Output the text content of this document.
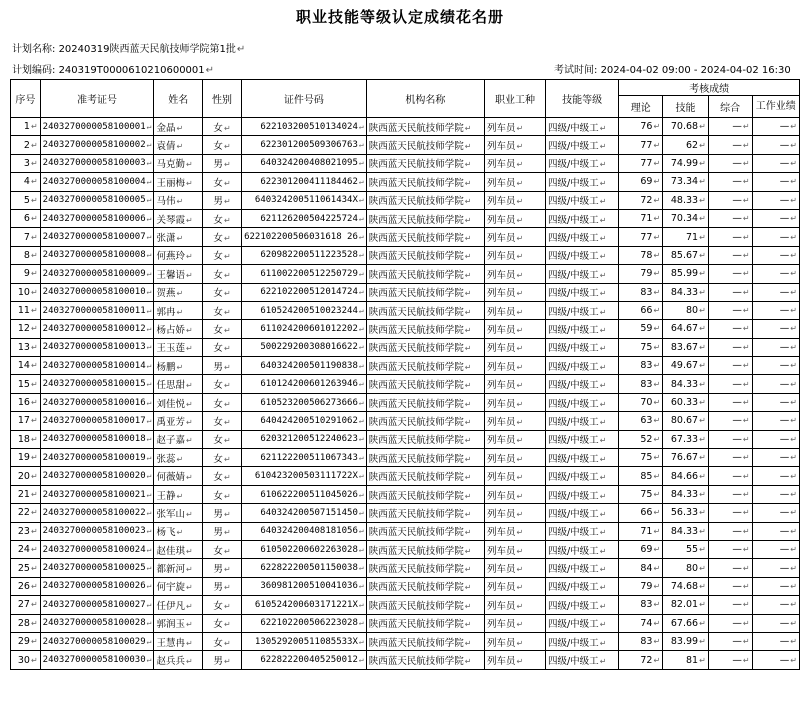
职业技能等级认定成绩花名册
计划名称: 20240319陕西蓝天民航技师学院第1批↵
计划编码: 240319T0000610210600001↵	考试时间: 2024-04-02 09:00 - 2024-04-02 16:30
序号	准考证号	姓名	性别	证件号码	机构名称	职业工种	技能等级	考核成绩			
								理论	技能	综合	工作业绩
1 ↵	240327000005810000​1 ↵	金晶 ↵	女 ↵	622103200510134024 ↵	陕西蓝天民航技师学院 ↵	列车员 ↵	四级/中级工 ↵	76 ↵	70.68 ↵	— ↵	— ↵
2 ↵	2403270000058100002 ↵	袁倩 ↵	女 ↵	622301200509306763 ↵	陕西蓝天民航技师学院 ↵	列车员 ↵	四级/中级工 ↵	77 ↵	62 ↵	— ↵	— ↵
3 ↵	2403270000058100003 ↵	马克勤 ↵	男 ↵	640324200408021095 ↵	陕西蓝天民航技师学院 ↵	列车员 ↵	四级/中级工 ↵	77 ↵	74.99 ↵	— ↵	— ↵
4 ↵	2403270000058100004 ↵	王丽梅 ↵	女 ↵	622301200411184462 ↵	陕西蓝天民航技师学院 ↵	列车员 ↵	四级/中级工 ↵	69 ↵	73.34 ↵	— ↵	— ↵
5 ↵	2403270000058100005 ↵	马伟 ↵	男 ↵	640324200511061434X ↵	陕西蓝天民航技师学院 ↵	列车员 ↵	四级/中级工 ↵	72 ↵	48.33 ↵	— ↵	— ↵
6 ↵	2403270000058100006 ↵	关琴霞 ↵	女 ↵	621126200504225724 ↵	陕西蓝天民航技师学院 ↵	列车员 ↵	四级/中级工 ↵	71 ↵	70.34 ↵	— ↵	— ↵
7 ↵	2403270000058100007 ↵	张潇 ↵	女 ↵	622102200506031618 26 ↵	陕西蓝天民航技师学院 ↵	列车员 ↵	四级/中级工 ↵	77 ↵	71 ↵	— ↵	— ↵
8 ↵	2403270000058100008 ↵	何燕玲 ↵	女 ↵	620982200511223528 ↵	陕西蓝天民航技师学院 ↵	列车员 ↵	四级/中级工 ↵	78 ↵	85.67 ↵	— ↵	— ↵
9 ↵	2403270000058100009 ↵	王馨语 ↵	女 ↵	611002200512250729 ↵	陕西蓝天民航技师学院 ↵	列车员 ↵	四级/中级工 ↵	79 ↵	85.99 ↵	— ↵	— ↵
10 ↵	2403270000058100010 ↵	贺燕 ↵	女 ↵	622102200512014724 ↵	陕西蓝天民航技师学院 ↵	列车员 ↵	四级/中级工 ↵	83 ↵	84.33 ↵	— ↵	— ↵
11 ↵	2403270000058100011 ↵	郭冉 ↵	女 ↵	610524200510023244 ↵	陕西蓝天民航技师学院 ↵	列车员 ↵	四级/中级工 ↵	66 ↵	80 ↵	— ↵	— ↵
12 ↵	2403270000058100012 ↵	杨占娇 ↵	女 ↵	611024200601012202 ↵	陕西蓝天民航技师学院 ↵	列车员 ↵	四级/中级工 ↵	59 ↵	64.67 ↵	— ↵	— ↵
13 ↵	2403270000058100013 ↵	王玉莲 ↵	女 ↵	500229200308016622 ↵	陕西蓝天民航技师学院 ↵	列车员 ↵	四级/中级工 ↵	75 ↵	83.67 ↵	— ↵	— ↵
14 ↵	2403270000058100014 ↵	杨鹏 ↵	男 ↵	640324200501190838 ↵	陕西蓝天民航技师学院 ↵	列车员 ↵	四级/中级工 ↵	83 ↵	49.67 ↵	— ↵	— ↵
15 ↵	2403270000058100015 ↵	任思甜 ↵	女 ↵	610124200601263946 ↵	陕西蓝天民航技师学院 ↵	列车员 ↵	四级/中级工 ↵	83 ↵	84.33 ↵	— ↵	— ↵
16 ↵	2403270000058100016 ↵	刘佳悦 ↵	女 ↵	610523200506273666 ↵	陕西蓝天民航技师学院 ↵	列车员 ↵	四级/中级工 ↵	70 ↵	60.33 ↵	— ↵	— ↵
17 ↵	2403270000058100017 ↵	禹亚芳 ↵	女 ↵	640424200510291062 ↵	陕西蓝天民航技师学院 ↵	列车员 ↵	四级/中级工 ↵	63 ↵	80.67 ↵	— ↵	— ↵
18 ↵	2403270000058100018 ↵	赵子嘉 ↵	女 ↵	620321200512240623 ↵	陕西蓝天民航技师学院 ↵	列车员 ↵	四级/中级工 ↵	52 ↵	67.33 ↵	— ↵	— ↵
19 ↵	2403270000058100019 ↵	张蕊 ↵	女 ↵	621122200511067343 ↵	陕西蓝天民航技师学院 ↵	列车员 ↵	四级/中级工 ↵	75 ↵	76.67 ↵	— ↵	— ↵
20 ↵	2403270000058100020 ↵	何薇婧 ↵	女 ↵	610423200503111722X ↵	陕西蓝天民航技师学院 ↵	列车员 ↵	四级/中级工 ↵	85 ↵	84.66 ↵	— ↵	— ↵
21 ↵	2403270000058100021 ↵	王静 ↵	女 ↵	610622200511045026 ↵	陕西蓝天民航技师学院 ↵	列车员 ↵	四级/中级工 ↵	75 ↵	84.33 ↵	— ↵	— ↵
22 ↵	2403270000058100022 ↵	张军山 ↵	男 ↵	640324200507151450 ↵	陕西蓝天民航技师学院 ↵	列车员 ↵	四级/中级工 ↵	66 ↵	56.33 ↵	— ↵	— ↵
23 ↵	2403270000058100023 ↵	杨飞 ↵	男 ↵	640324200408181056 ↵	陕西蓝天民航技师学院 ↵	列车员 ↵	四级/中级工 ↵	71 ↵	84.33 ↵	— ↵	— ↵
24 ↵	2403270000058100024 ↵	赵佳琪 ↵	女 ↵	610502200602263028 ↵	陕西蓝天民航技师学院 ↵	列车员 ↵	四级/中级工 ↵	69 ↵	55 ↵	— ↵	— ↵
25 ↵	2403270000058100025 ↵	都新河 ↵	男 ↵	622822200501150038 ↵	陕西蓝天民航技师学院 ↵	列车员 ↵	四级/中级工 ↵	84 ↵	80 ↵	— ↵	— ↵
26 ↵	2403270000058100026 ↵	何宇旋 ↵	男 ↵	360981200510041036 ↵	陕西蓝天民航技师学院 ↵	列车员 ↵	四级/中级工 ↵	79 ↵	74.68 ↵	— ↵	— ↵
27 ↵	2403270000058100027 ↵	任伊凡 ↵	女 ↵	610524200603171221X ↵	陕西蓝天民航技师学院 ↵	列车员 ↵	四级/中级工 ↵	83 ↵	82.01 ↵	— ↵	— ↵
28 ↵	2403270000058100028 ↵	郭润玉 ↵	女 ↵	622102200506223028 ↵	陕西蓝天民航技师学院 ↵	列车员 ↵	四级/中级工 ↵	74 ↵	67.66 ↵	— ↵	— ↵
29 ↵	2403270000058100029 ↵	王慧冉 ↵	女 ↵	130529200511085533X ↵	陕西蓝天民航技师学院 ↵	列车员 ↵	四级/中级工 ↵	83 ↵	83.99 ↵	— ↵	— ↵
30 ↵	2403270000058100030 ↵	赵兵兵 ↵	男 ↵	622822200405250012 ↵	陕西蓝天民航技师学院 ↵	列车员 ↵	四级/中级工 ↵	72 ↵	81 ↵	— ↵	— ↵
